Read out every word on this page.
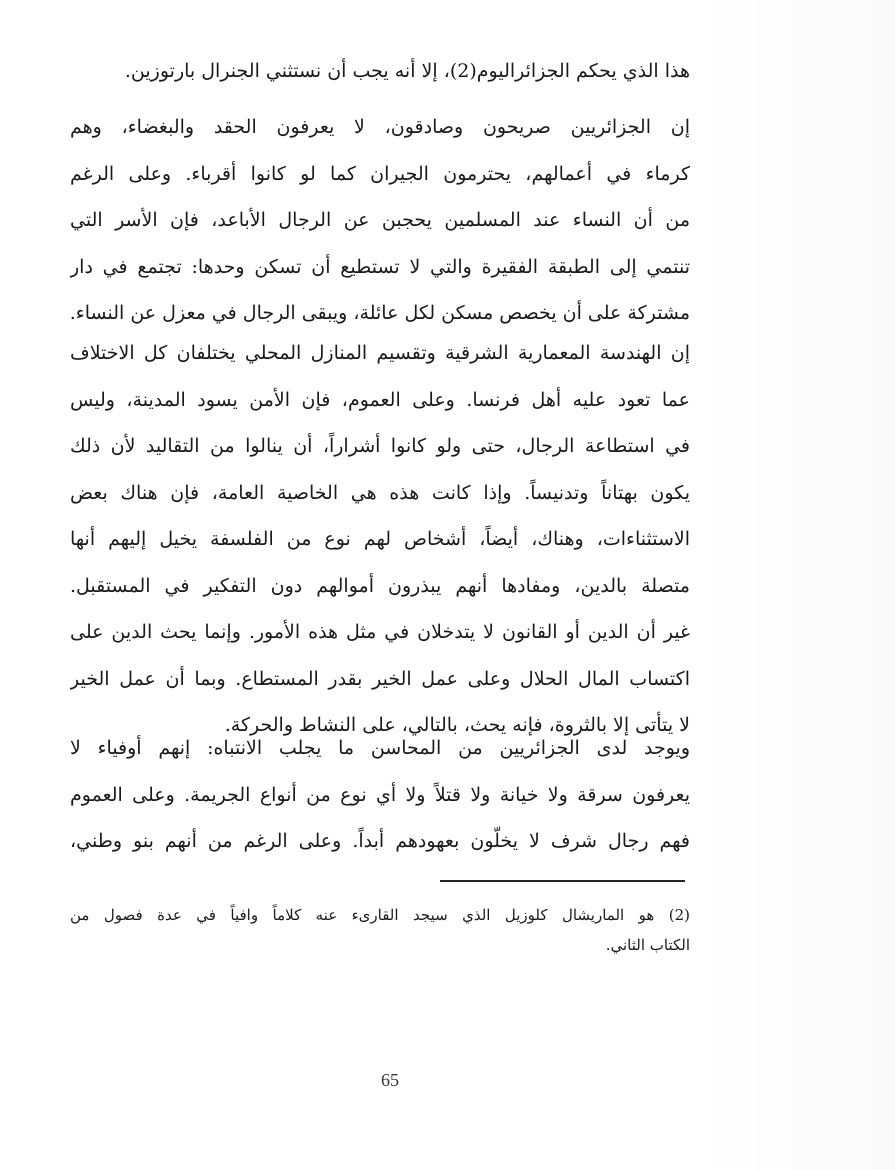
هذا الذي يحكم الجزائراليوم(2)، إلا أنه يجب أن نستثني الجنرال بارتوزين.
إن الجزائريين صريحون وصادقون، لا يعرفون الحقد والبغضاء، وهم
كرماء في أعمالهم، يحترمون الجيران كما لو كانوا أقرباء. وعلى الرغم
من أن النساء عند المسلمين يحجبن عن الرجال الأباعد، فإن الأسر التي
تنتمي إلى الطبقة الفقيرة والتي لا تستطيع أن تسكن وحدها: تجتمع في دار
مشتركة على أن يخصص مسكن لكل عائلة، ويبقى الرجال في معزل عن النساء.
إن الهندسة المعمارية الشرقية وتقسيم المنازل المحلي يختلفان كل الاختلاف
عما تعود عليه أهل فرنسا. وعلى العموم، فإن الأمن يسود المدينة، وليس
في استطاعة الرجال، حتى ولو كانوا أشراراً، أن ينالوا من التقاليد لأن ذلك
يكون بهتاناً وتدنيساً. وإذا كانت هذه هي الخاصية العامة، فإن هناك بعض
الاستثناءات، وهناك، أيضاً، أشخاص لهم نوع من الفلسفة يخيل إليهم أنها
متصلة بالدين، ومفادها أنهم يبذرون أموالهم دون التفكير في المستقبل.
غير أن الدين أو القانون لا يتدخلان في مثل هذه الأمور. وإنما يحث الدين على
اكتساب المال الحلال وعلى عمل الخير بقدر المستطاع. وبما أن عمل الخير
لا يتأتى إلا بالثروة، فإنه يحث، بالتالي، على النشاط والحركة.
ويوجد لدى الجزائريين من المحاسن ما يجلب الانتباه: إنهم أوفياء لا
يعرفون سرقة ولا خيانة ولا قتلاً ولا أي نوع من أنواع الجريمة. وعلى العموم
فهم رجال شرف لا يخلّون بعهودهم أبداً. وعلى الرغم من أنهم بنو وطني،
(2) هو الماريشال كلوزيل الذي سيجد القارىء عنه كلاماً وافياً في عدة فصول من
الكتاب الثاني.
65
